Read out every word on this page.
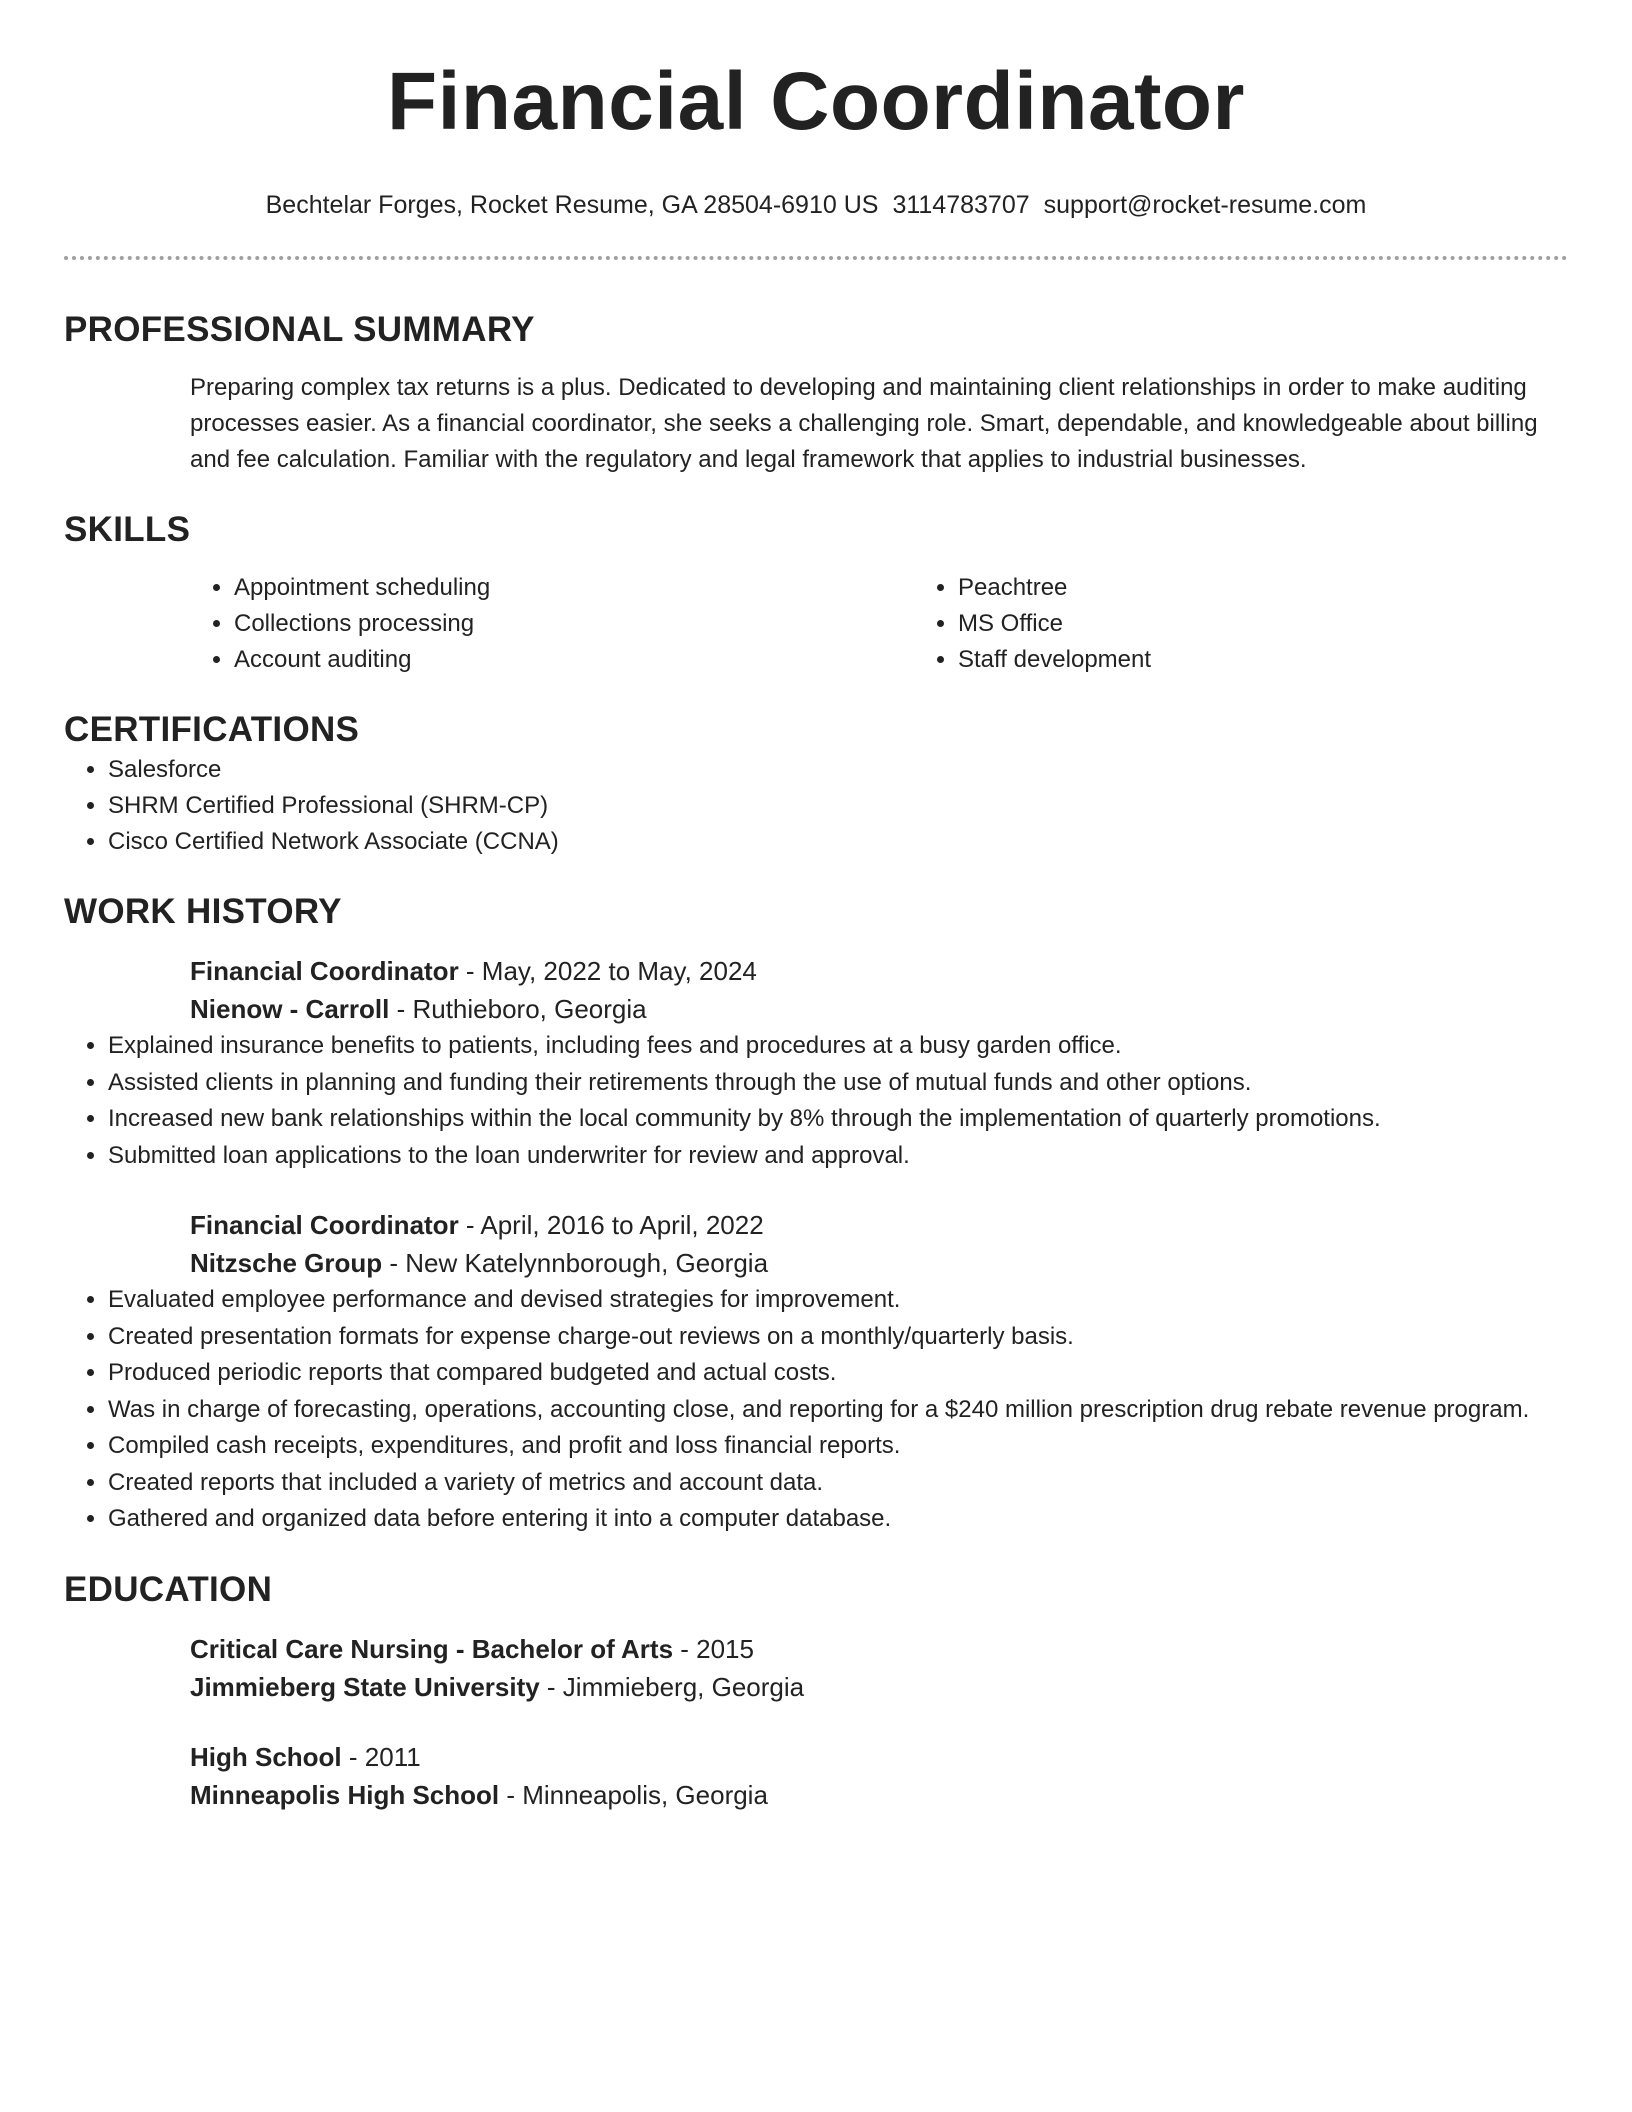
Financial Coordinator
Bechtelar Forges, Rocket Resume, GA 28504-6910 US 3114783707 support@rocket-resume.com
PROFESSIONAL SUMMARY
Preparing complex tax returns is a plus. Dedicated to developing and maintaining client relationships in order to make auditing processes easier. As a financial coordinator, she seeks a challenging role. Smart, dependable, and knowledgeable about billing and fee calculation. Familiar with the regulatory and legal framework that applies to industrial businesses.
SKILLS
• Appointment scheduling
• Collections processing
• Account auditing
• Peachtree
• MS Office
• Staff development
CERTIFICATIONS
• Salesforce
• SHRM Certified Professional (SHRM-CP)
• Cisco Certified Network Associate (CCNA)
WORK HISTORY
Financial Coordinator - May, 2022 to May, 2024
Nienow - Carroll - Ruthieboro, Georgia
• Explained insurance benefits to patients, including fees and procedures at a busy garden office.
• Assisted clients in planning and funding their retirements through the use of mutual funds and other options.
• Increased new bank relationships within the local community by 8% through the implementation of quarterly promotions.
• Submitted loan applications to the loan underwriter for review and approval.
Financial Coordinator - April, 2016 to April, 2022
Nitzsche Group - New Katelynnborough, Georgia
• Evaluated employee performance and devised strategies for improvement.
• Created presentation formats for expense charge-out reviews on a monthly/quarterly basis.
• Produced periodic reports that compared budgeted and actual costs.
• Was in charge of forecasting, operations, accounting close, and reporting for a $240 million prescription drug rebate revenue program.
• Compiled cash receipts, expenditures, and profit and loss financial reports.
• Created reports that included a variety of metrics and account data.
• Gathered and organized data before entering it into a computer database.
EDUCATION
Critical Care Nursing - Bachelor of Arts - 2015
Jimmieberg State University - Jimmieberg, Georgia
High School - 2011
Minneapolis High School - Minneapolis, Georgia
